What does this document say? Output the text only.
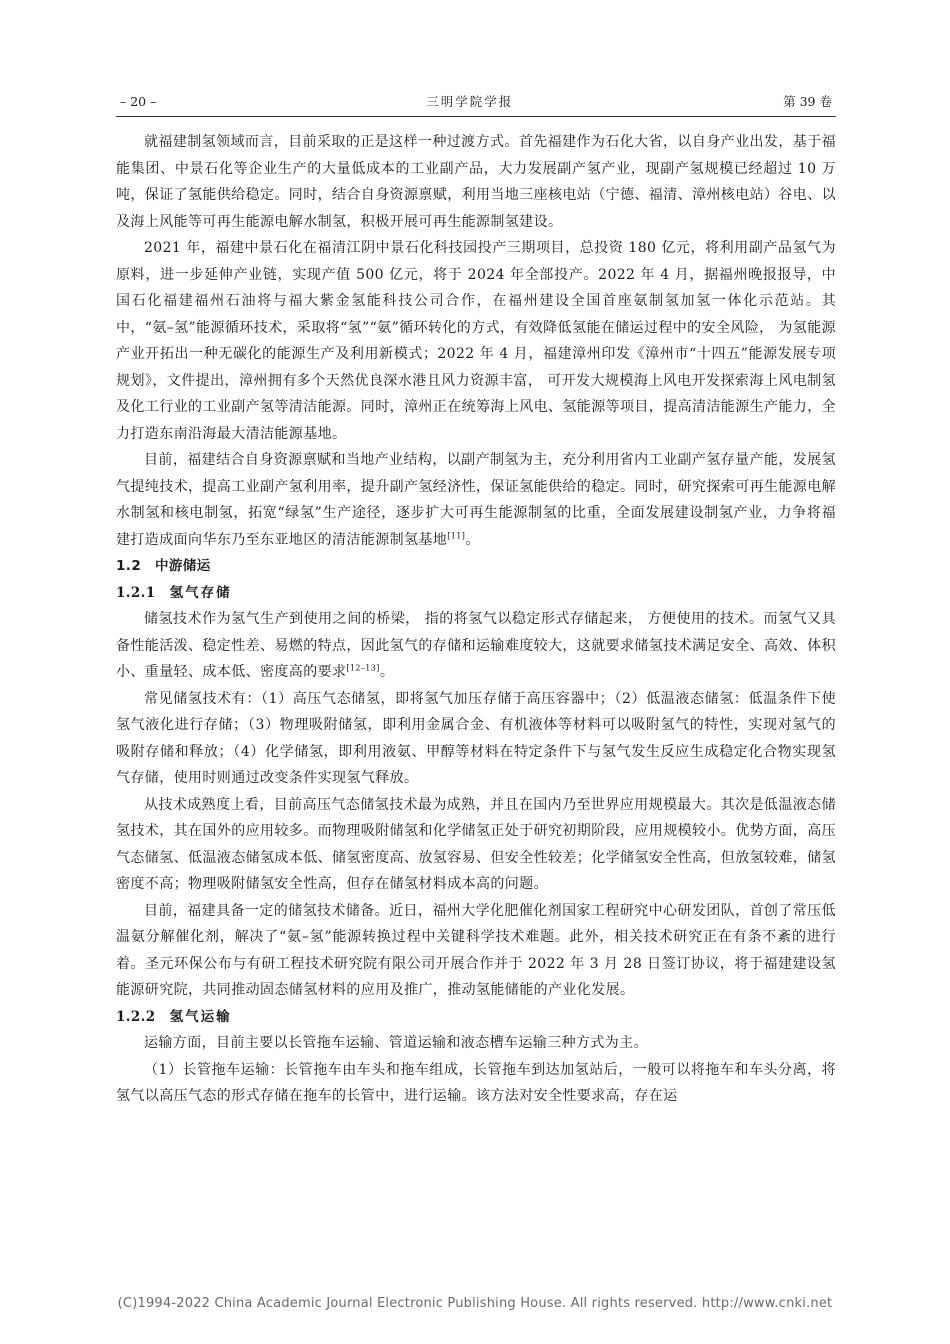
– 20 –	三明学院学报	第 39 卷

就福建制氢领域而言，目前采取的正是这样一种过渡方式。首先福建作为石化大省，以自身产业出发，基于福能集团、中景石化等企业生产的大量低成本的工业副产品，大力发展副产氢产业，现副产氢规模已经超过 10 万吨，保证了氢能供给稳定。同时，结合自身资源禀赋，利用当地三座核电站（宁德、福清、漳州核电站）谷电、以及海上风能等可再生能源电解水制氢，积极开展可再生能源制氢建设。

2021 年，福建中景石化在福清江阴中景石化科技园投产三期项目，总投资 180 亿元，将利用副产品氢气为原料，进一步延伸产业链，实现产值 500 亿元，将于 2024 年全部投产。2022 年 4 月，据福州晚报报导，中国石化福建福州石油将与福大紫金氢能科技公司合作，在福州建设全国首座氨制氢加氢一体化示范站。其中，“氨–氢”能源循环技术，采取将“氢”“氨”循环转化的方式，有效降低氢能在储运过程中的安全风险， 为氢能源产业开拓出一种无碳化的能源生产及利用新模式；2022 年 4 月，福建漳州印发《漳州市“十四五”能源发展专项规划》，文件提出，漳州拥有多个天然优良深水港且风力资源丰富， 可开发大规模海上风电开发探索海上风电制氢及化工行业的工业副产氢等清洁能源。同时，漳州正在统筹海上风电、氢能源等项目，提高清洁能源生产能力，全力打造东南沿海最大清洁能源基地。

目前，福建结合自身资源禀赋和当地产业结构，以副产制氢为主，充分利用省内工业副产氢存量产能，发展氢气提纯技术，提高工业副产氢利用率，提升副产氢经济性，保证氢能供给的稳定。同时，研究探索可再生能源电解水制氢和核电制氢，拓宽“绿氢”生产途径，逐步扩大可再生能源制氢的比重，全面发展建设制氢产业，力争将福建打造成面向华东乃至东亚地区的清洁能源制氢基地[11]。

1.2　中游储运
1.2.1 氢气存储

储氢技术作为氢气生产到使用之间的桥梁， 指的将氢气以稳定形式存储起来， 方便使用的技术。而氢气又具备性能活泼、稳定性差、易燃的特点，因此氢气的存储和运输难度较大，这就要求储氢技术满足安全、高效、体积小、重量轻、成本低、密度高的要求[12–13]。

常见储氢技术有：（1）高压气态储氢，即将氢气加压存储于高压容器中；（2）低温液态储氢：低温条件下使氢气液化进行存储；（3）物理吸附储氢，即利用金属合金、有机液体等材料可以吸附氢气的特性，实现对氢气的吸附存储和释放；（4）化学储氢，即利用液氨、甲醇等材料在特定条件下与氢气发生反应生成稳定化合物实现氢气存储，使用时则通过改变条件实现氢气释放。

从技术成熟度上看，目前高压气态储氢技术最为成熟，并且在国内乃至世界应用规模最大。其次是低温液态储氢技术，其在国外的应用较多。而物理吸附储氢和化学储氢正处于研究初期阶段，应用规模较小。优势方面，高压气态储氢、低温液态储氢成本低、储氢密度高、放氢容易、但安全性较差；化学储氢安全性高，但放氢较难，储氢密度不高；物理吸附储氢安全性高，但存在储氢材料成本高的问题。

目前，福建具备一定的储氢技术储备。近日，福州大学化肥催化剂国家工程研究中心研发团队，首创了常压低温氨分解催化剂，解决了“氨–氢”能源转换过程中关键科学技术难题。此外，相关技术研究正在有条不紊的进行着。圣元环保公布与有研工程技术研究院有限公司开展合作并于 2022 年 3 月 28 日签订协议，将于福建建设氢能源研究院，共同推动固态储氢材料的应用及推广，推动氢能储能的产业化发展。

1.2.2 氢气运输

运输方面，目前主要以长管拖车运输、管道运输和液态槽车运输三种方式为主。

（1）长管拖车运输：长管拖车由车头和拖车组成，长管拖车到达加氢站后，一般可以将拖车和车头分离，将氢气以高压气态的形式存储在拖车的长管中，进行运输。该方法对安全性要求高，存在运

(C)1994-2022 China Academic Journal Electronic Publishing House. All rights reserved. http://www.cnki.net
